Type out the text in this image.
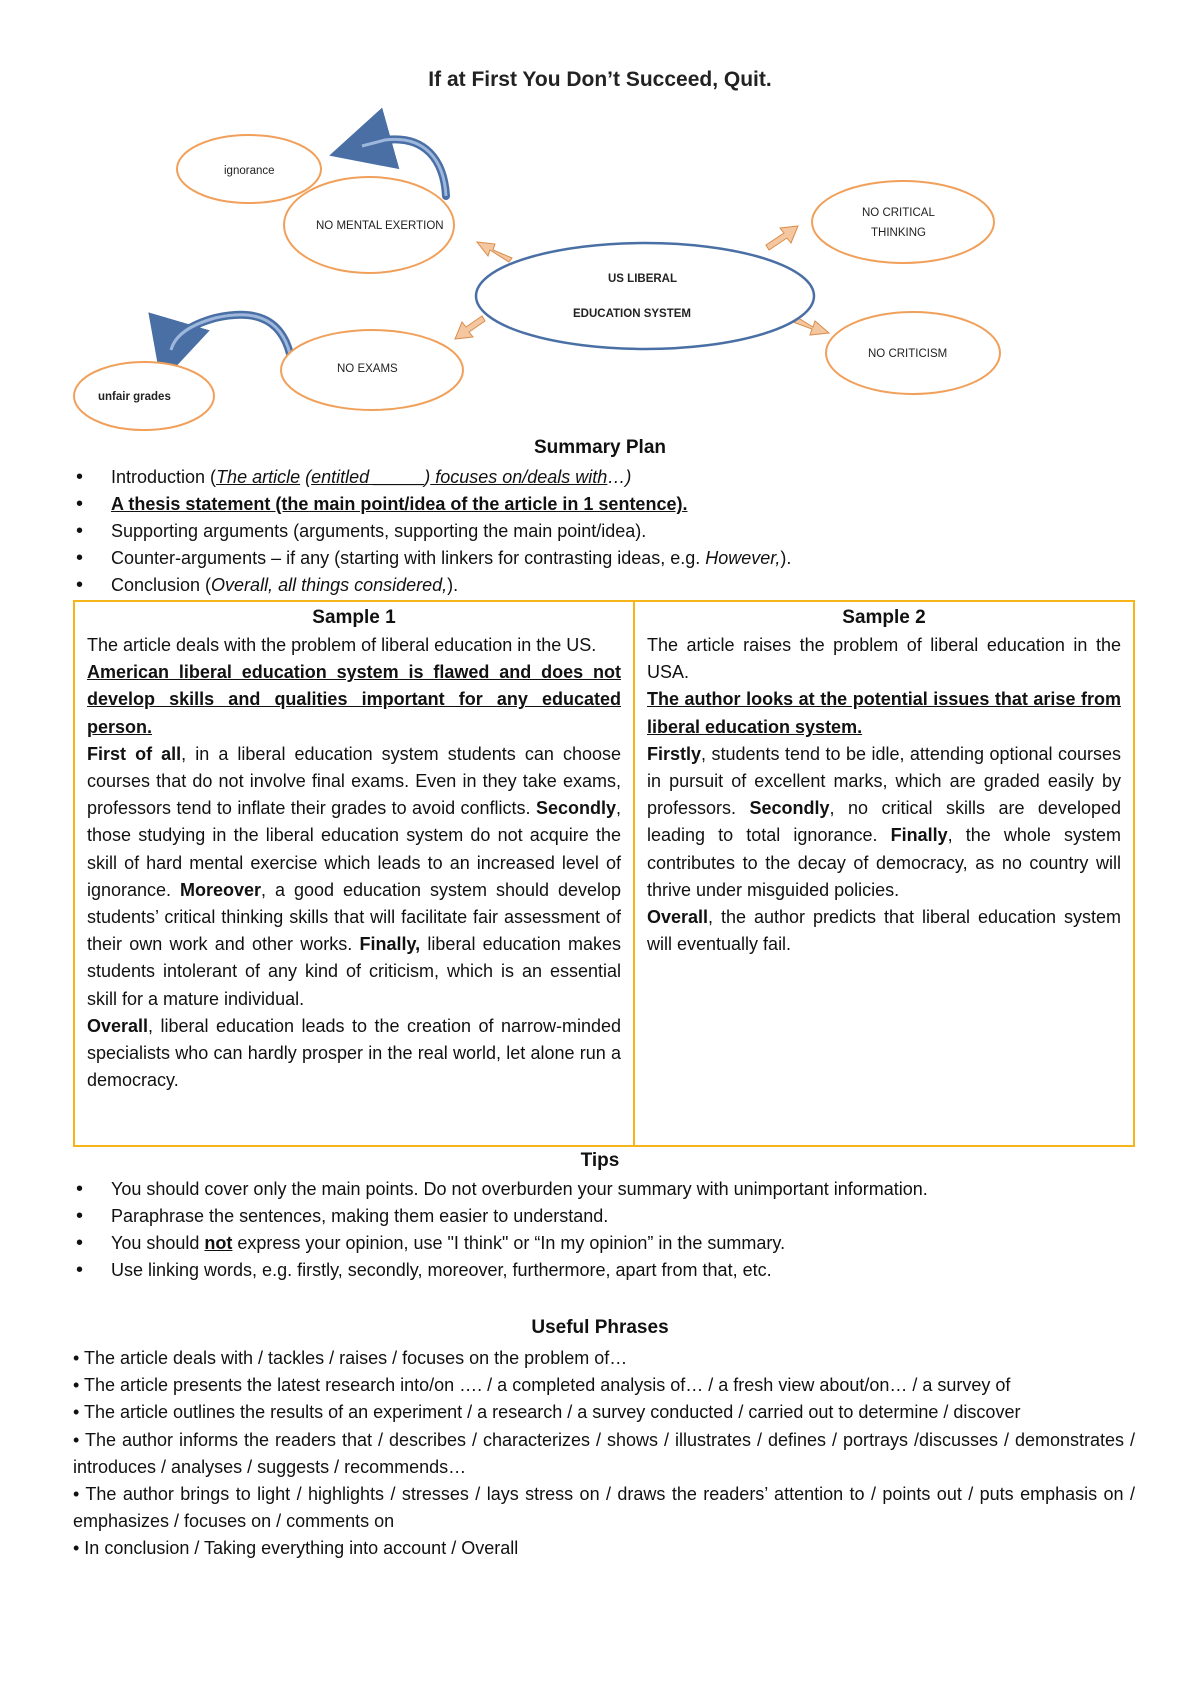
If at First You Don’t Succeed, Quit.
ignorance
NO MENTAL EXERTION
US LIBERAL
EDUCATION SYSTEM
NO CRITICAL
THINKING
NO CRITICISM
NO EXAMS
unfair grades
Summary Plan
• Introduction (The article (entitled _____) focuses on/deals with…)
• A thesis statement (the main point/idea of the article in 1 sentence).
• Supporting arguments (arguments, supporting the main point/idea).
• Counter-arguments – if any (starting with linkers for contrasting ideas, e.g. However,).
• Conclusion (Overall, all things considered,).
Sample 1

The article deals with the problem of liberal education in the US.

American liberal education system is flawed and does not develop skills and qualities important for any educated person.

First of all, in a liberal education system students can choose courses that do not involve final exams. Even in they take exams, professors tend to inflate their grades to avoid conflicts. Secondly, those studying in the liberal education system do not acquire the skill of hard mental exercise which leads to an increased level of ignorance. Moreover, a good education system should develop students’ critical thinking skills that will facilitate fair assessment of their own work and other works. Finally, liberal education makes students intolerant of any kind of criticism, which is an essential skill for a mature individual.

Overall, liberal education leads to the creation of narrow-minded specialists who can hardly prosper in the real world, let alone run a democracy.

Sample 2

The article raises the problem of liberal education in the USA.

The author looks at the potential issues that arise from liberal education system.

Firstly, students tend to be idle, attending optional courses in pursuit of excellent marks, which are graded easily by professors. Secondly, no critical skills are developed leading to total ignorance. Finally, the whole system contributes to the decay of democracy, as no country will thrive under misguided policies.

Overall, the author predicts that liberal education system will eventually fail.

Tips
• You should cover only the main points. Do not overburden your summary with unimportant information.
• Paraphrase the sentences, making them easier to understand.
• You should not express your opinion, use "I think" or “In my opinion” in the summary.
• Use linking words, e.g. firstly, secondly, moreover, furthermore, apart from that, etc.
Useful Phrases

• The article deals with / tackles / raises / focuses on the problem of…

• The article presents the latest research into/on …. / a completed analysis of… / a fresh view about/on… / a survey of

• The article outlines the results of an experiment / a research / a survey conducted / carried out to determine / discover

• The author informs the readers that / describes / characterizes / shows / illustrates / defines / portrays /discusses / demonstrates / introduces / analyses / suggests / recommends…

• The author brings to light / highlights / stresses / lays stress on / draws the readers’ attention to / points out / puts emphasis on / emphasizes / focuses on / comments on

• In conclusion / Taking everything into account / Overall
